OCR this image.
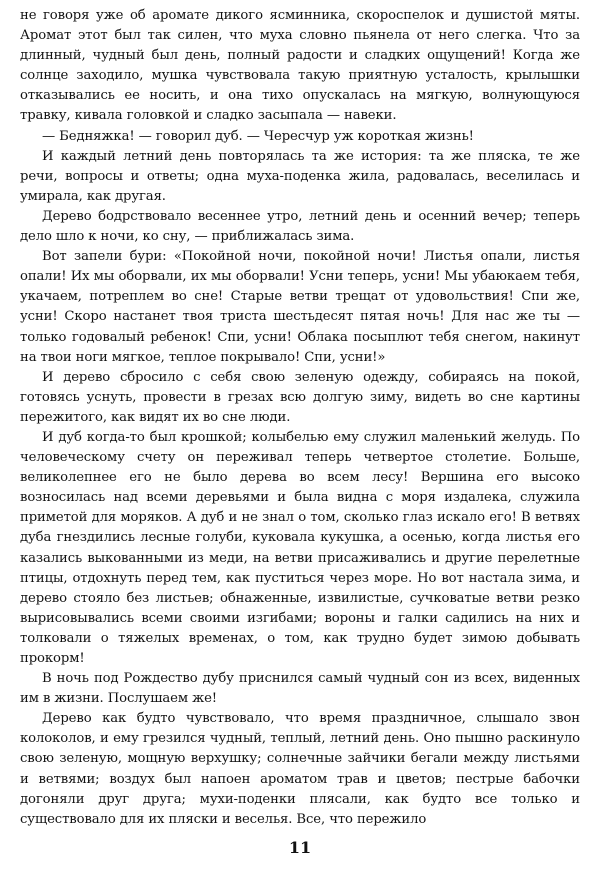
не говоря уже об аромате дикого ясминника, скороспелок и душистой мяты. Аромат этот был так силен, что муха словно пьянела от него слегка. Что за длинный, чудный был день, полный радости и сладких ощущений! Когда же солнце заходило, мушка чувствовала такую приятную усталость, крылышки отказывались ее носить, и она тихо опускалась на мягкую, волнующуюся травку, кивала головкой и сладко засыпала — навеки.

— Бедняжка! — говорил дуб. — Чересчур уж короткая жизнь!

И каждый летний день повторялась та же история: та же пляска, те же речи, вопросы и ответы; одна муха-поденка жила, радовалась, веселилась и умирала, как другая.

Дерево бодрствовало весеннее утро, летний день и осенний вечер; теперь дело шло к ночи, ко сну, — приближалась зима.

Вот запели бури: «Покойной ночи, покойной ночи! Листья опали, листья опали! Их мы оборвали, их мы оборвали! Усни теперь, усни! Мы убаюкаем тебя, укачаем, потреплем во сне! Старые ветви трещат от удовольствия! Спи же, усни! Скоро настанет твоя триста шестьдесят пятая ночь! Для нас же ты — только годовалый ребенок! Спи, усни! Облака посыплют тебя снегом, накинут на твои ноги мягкое, теплое покрывало! Спи, усни!»

И дерево сбросило с себя свою зеленую одежду, собираясь на покой, готовясь уснуть, провести в грезах всю долгую зиму, видеть во сне картины пережитого, как видят их во сне люди.

И дуб когда-то был крошкой; колыбелью ему служил маленький желудь. По человеческому счету он переживал теперь четвертое столетие. Больше, великолепнее его не было дерева во всем лесу! Вершина его высоко возносилась над всеми деревьями и была видна с моря издалека, служила приметой для моряков. А дуб и не знал о том, сколько глаз искало его! В ветвях дуба гнездились лесные голуби, куковала кукушка, а осенью, когда листья его казались выкованными из меди, на ветви присаживались и другие перелетные птицы, отдохнуть перед тем, как пуститься через море. Но вот настала зима, и дерево стояло без листьев; обнаженные, извилистые, сучковатые ветви резко вырисовывались всеми своими изгибами; вороны и галки садились на них и толковали о тяжелых временах, о том, как трудно будет зимою добывать прокорм!

В ночь под Рождество дубу приснился самый чудный сон из всех, виденных им в жизни. Послушаем же!

Дерево как будто чувствовало, что время праздничное, слышало звон колоколов, и ему грезился чудный, теплый, летний день. Оно пышно раскинуло свою зеленую, мощную верхушку; солнечные зайчики бегали между листьями и ветвями; воздух был напоен ароматом трав и цветов; пестрые бабочки догоняли друг друга; мухи-поденки плясали, как будто все только и существовало для их пляски и веселья. Все, что пережило

11
